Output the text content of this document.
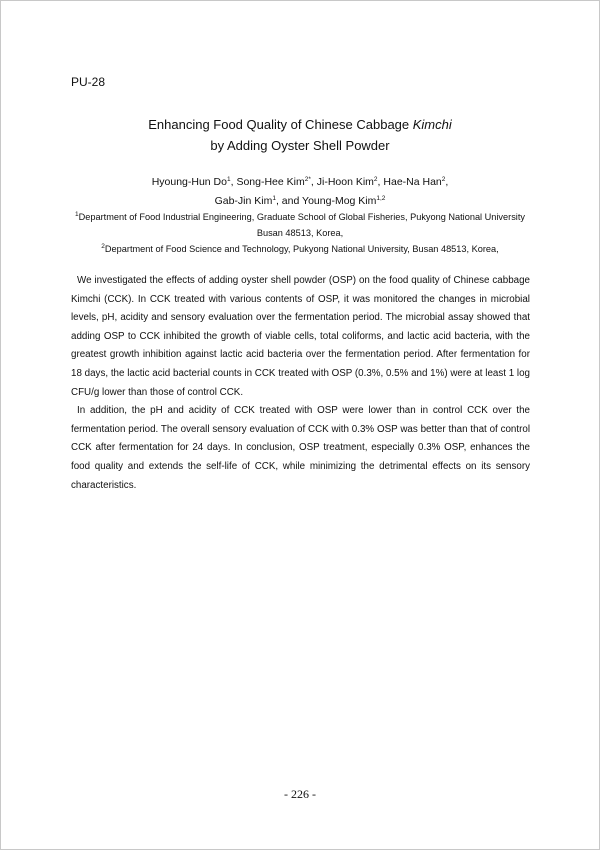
PU-28
Enhancing Food Quality of Chinese Cabbage Kimchi
by Adding Oyster Shell Powder
Hyoung-Hun Do$^1$, Song-Hee Kim$^{2*}$, Ji-Hoon Kim$^2$, Hae-Na Han$^2$,
Gab-Jin Kim$^1$, and Young-Mog Kim$^{1,2}$
$^1$Department of Food Industrial Engineering, Graduate School of Global Fisheries, Pukyong National University
Busan 48513, Korea,
$^2$Department of Food Science and Technology, Pukyong National University, Busan 48513, Korea,

We investigated the effects of adding oyster shell powder (OSP) on the food quality of Chinese cabbage Kimchi (CCK). In CCK treated with various contents of OSP, it was monitored the changes in microbial levels, pH, acidity and sensory evaluation over the fermentation period. The microbial assay showed that adding OSP to CCK inhibited the growth of viable cells, total coliforms, and lactic acid bacteria, with the greatest growth inhibition against lactic acid bacteria over the fermentation period. After fermentation for 18 days, the lactic acid bacterial counts in CCK treated with OSP (0.3%, 0.5% and 1%) were at least 1 log CFU/g lower than those of control CCK.

In addition, the pH and acidity of CCK treated with OSP were lower than in control CCK over the fermentation period. The overall sensory evaluation of CCK with 0.3% OSP was better than that of control CCK after fermentation for 24 days. In conclusion, OSP treatment, especially 0.3% OSP, enhances the food quality and extends the self-life of CCK, while minimizing the detrimental effects on its sensory characteristics.

- 226 -
